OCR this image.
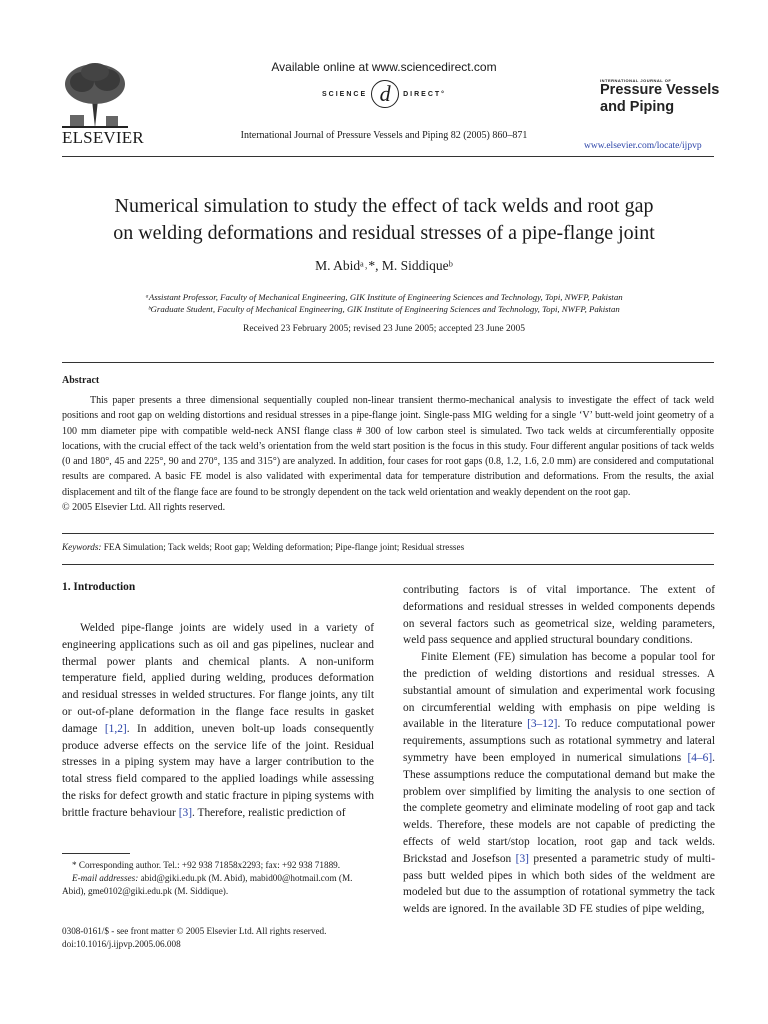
ELSEVIER
Available online at www.sciencedirect.com
SCIENCE d	DIRECT°
International Journal of Pressure Vessels and Piping 82 (2005) 860–871
INTERNATIONAL JOURNAL OF
Pressure Vessels
and Piping
www.elsevier.com/locate/ijpvp
Numerical simulation to study the effect of tack welds and root gap
on welding deformations and residual stresses of a pipe-flange joint
M. Abidᵃ˒*, M. Siddiqueᵇ
ᵃAssistant Professor, Faculty of Mechanical Engineering, GIK Institute of Engineering Sciences and Technology, Topi, NWFP, Pakistan
ᵇGraduate Student, Faculty of Mechanical Engineering, GIK Institute of Engineering Sciences and Technology, Topi, NWFP, Pakistan
Received 23 February 2005; revised 23 June 2005; accepted 23 June 2005
Abstract

This paper presents a three dimensional sequentially coupled non-linear transient thermo-mechanical analysis to investigate the effect of tack weld positions and root gap on welding distortions and residual stresses in a pipe-flange joint. Single-pass MIG welding for a single ‘V’ butt-weld joint geometry of a 100 mm diameter pipe with compatible weld-neck ANSI flange class # 300 of low carbon steel is simulated. Two tack welds at circumferentially opposite locations, with the crucial effect of the tack weld’s orientation from the weld start position is the focus in this study. Four different angular positions of tack welds (0 and 180°, 45 and 225°, 90 and 270°, 135 and 315°) are analyzed. In addition, four cases for root gaps (0.8, 1.2, 1.6, 2.0 mm) are considered and computational results are compared. A basic FE model is also validated with experimental data for temperature distribution and deformations. From the results, the axial displacement and tilt of the flange face are found to be strongly dependent on the tack weld orientation and weakly dependent on the root gap.

© 2005 Elsevier Ltd. All rights reserved.
Keywords: FEA Simulation; Tack welds; Root gap; Welding deformation; Pipe-flange joint; Residual stresses
1. Introduction

Welded pipe-flange joints are widely used in a variety of engineering applications such as oil and gas pipelines, nuclear and thermal power plants and chemical plants. A non-uniform temperature field, applied during welding, produces deformation and residual stresses in welded structures. For flange joints, any tilt or out-of-plane deformation in the flange face results in gasket damage [1,2]. In addition, uneven bolt-up loads consequently produce adverse effects on the service life of the joint. Residual stresses in a piping system may have a larger contribution to the total stress field compared to the applied loadings while assessing the risks for defect growth and static fracture in piping systems with brittle fracture behaviour [3]. Therefore, realistic prediction of

* Corresponding author. Tel.: +92 938 71858x2293; fax: +92 938 71889.
E-mail addresses: abid@giki.edu.pk (M. Abid), mabid00@hotmail.com (M. Abid), gme0102@giki.edu.pk (M. Siddique).
0308-0161/$ - see front matter © 2005 Elsevier Ltd. All rights reserved.
doi:10.1016/j.ijpvp.2005.06.008

contributing factors is of vital importance. The extent of deformations and residual stresses in welded components depends on several factors such as geometrical size, welding parameters, weld pass sequence and applied structural boundary conditions.

Finite Element (FE) simulation has become a popular tool for the prediction of welding distortions and residual stresses. A substantial amount of simulation and experimental work focusing on circumferential welding with emphasis on pipe welding is available in the literature [3–12]. To reduce computational power requirements, assumptions such as rotational symmetry and lateral symmetry have been employed in numerical simulations [4–6]. These assumptions reduce the computational demand but make the problem over simplified by limiting the analysis to one section of the complete geometry and eliminate modeling of root gap and tack welds. Therefore, these models are not capable of predicting the effects of weld start/stop location, root gap and tack welds. Brickstad and Josefson [3] presented a parametric study of multi-pass butt welded pipes in which both sides of the weldment are modeled but due to the assumption of rotational symmetry the tack welds are ignored. In the available 3D FE studies of pipe welding,
